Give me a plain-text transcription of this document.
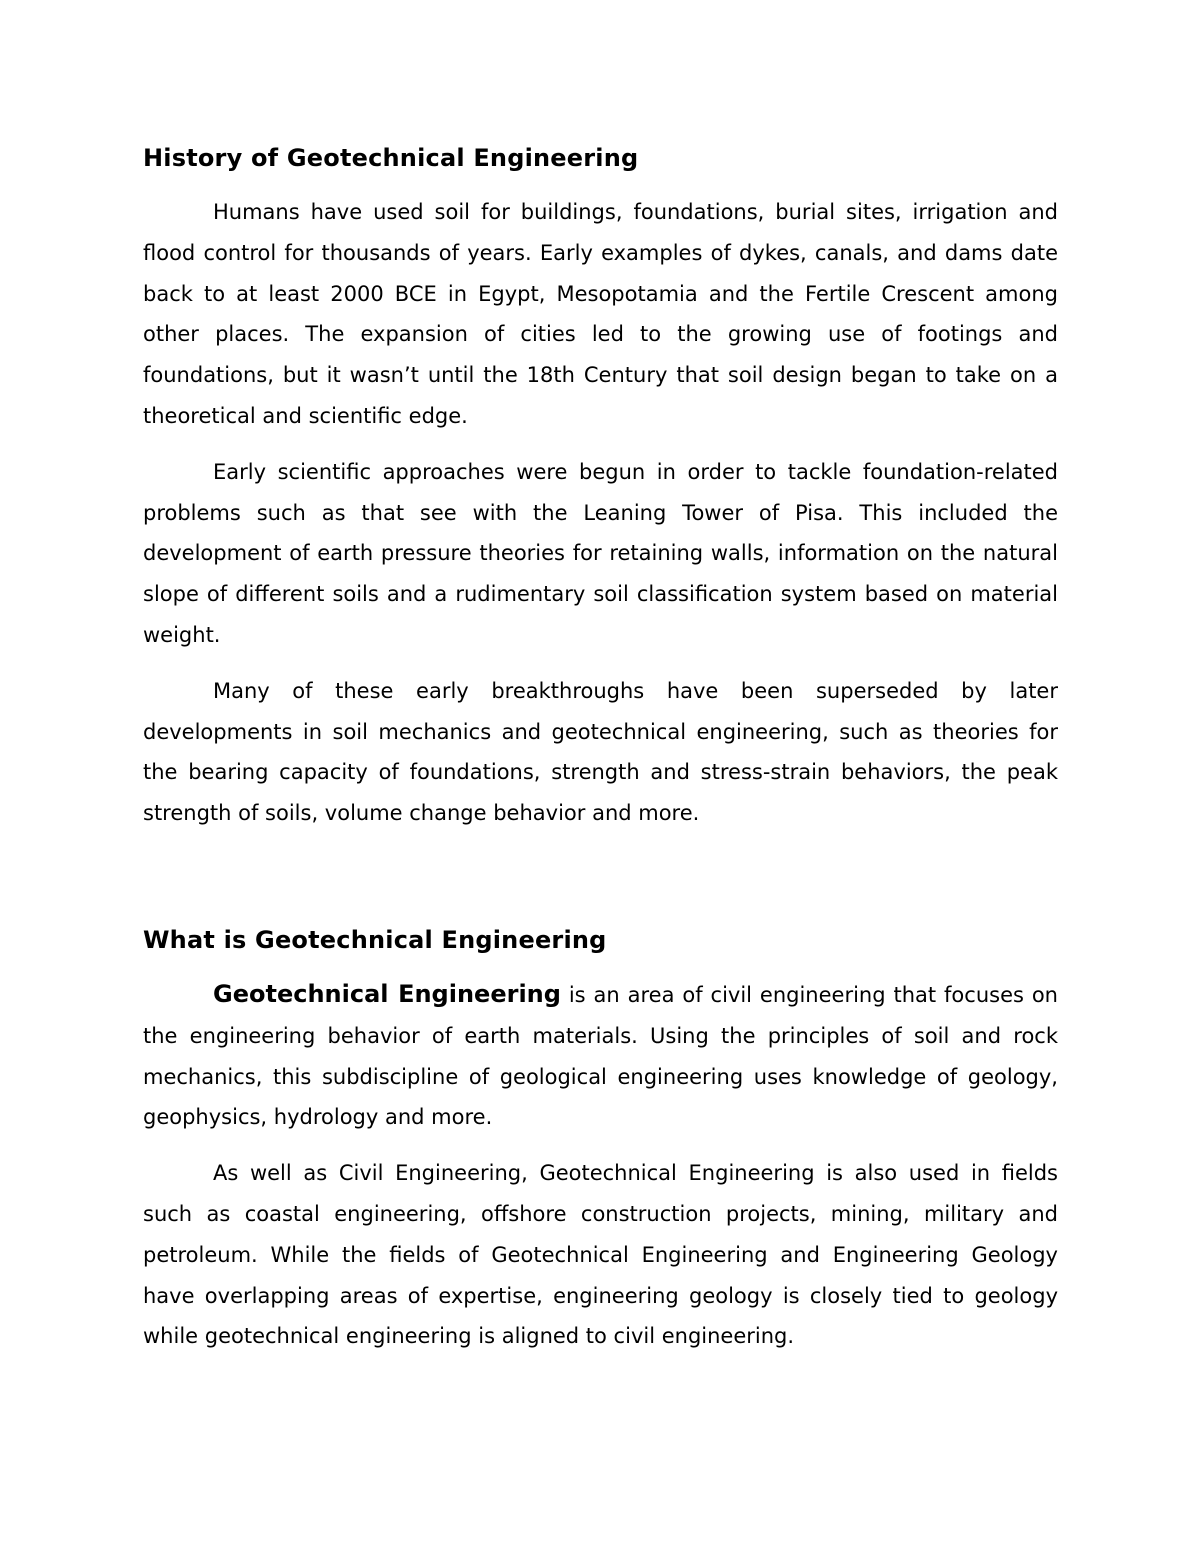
History of Geotechnical Engineering

Humans have used soil for buildings, foundations, burial sites, irrigation and flood control for thousands of years. Early examples of dykes, canals, and dams date back to at least 2000 BCE in Egypt, Mesopotamia and the Fertile Crescent among other places. The expansion of cities led to the growing use of footings and foundations, but it wasn’t until the 18th Century that soil design began to take on a theoretical and scientific edge.

Early scientific approaches were begun in order to tackle foundation-related problems such as that see with the Leaning Tower of Pisa. This included the development of earth pressure theories for retaining walls, information on the natural slope of different soils and a rudimentary soil classification system based on material weight.

Many of these early breakthroughs have been superseded by later developments in soil mechanics and geotechnical engineering, such as theories for the bearing capacity of foundations, strength and stress-strain behaviors, the peak strength of soils, volume change behavior and more.

What is Geotechnical Engineering

Geotechnical Engineering is an area of civil engineering that focuses on the engineering behavior of earth materials. Using the principles of soil and rock mechanics, this subdiscipline of geological engineering uses knowledge of geology, geophysics, hydrology and more.

As well as Civil Engineering, Geotechnical Engineering is also used in fields such as coastal engineering, offshore construction projects, mining, military and petroleum. While the fields of Geotechnical Engineering and Engineering Geology have overlapping areas of expertise, engineering geology is closely tied to geology while geotechnical engineering is aligned to civil engineering.
